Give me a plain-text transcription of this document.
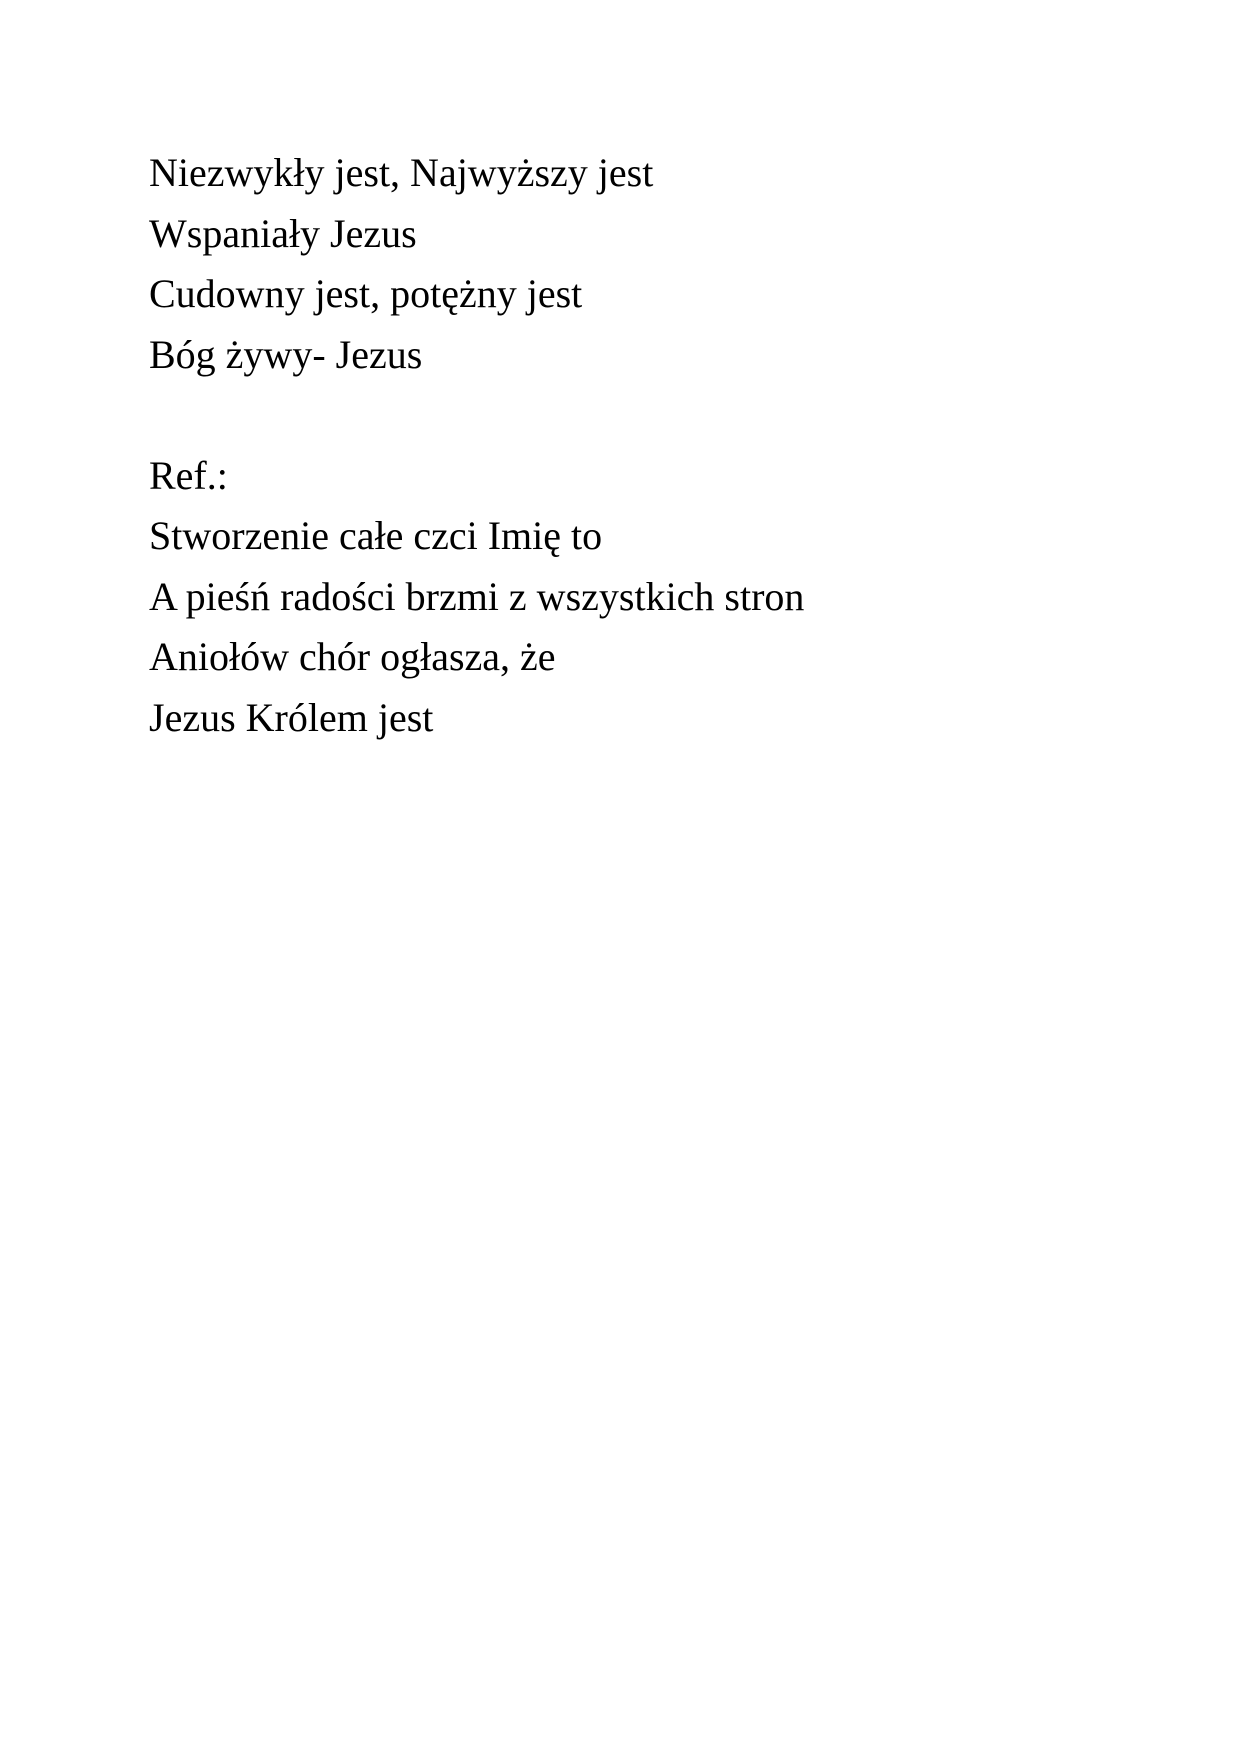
Niezwykły jest, Najwyższy jest
Wspaniały Jezus
Cudowny jest, potężny jest
Bóg żywy- Jezus
Ref.:
Stworzenie całe czci Imię to
A pieśń radości brzmi z wszystkich stron
Aniołów chór ogłasza, że
Jezus Królem jest
